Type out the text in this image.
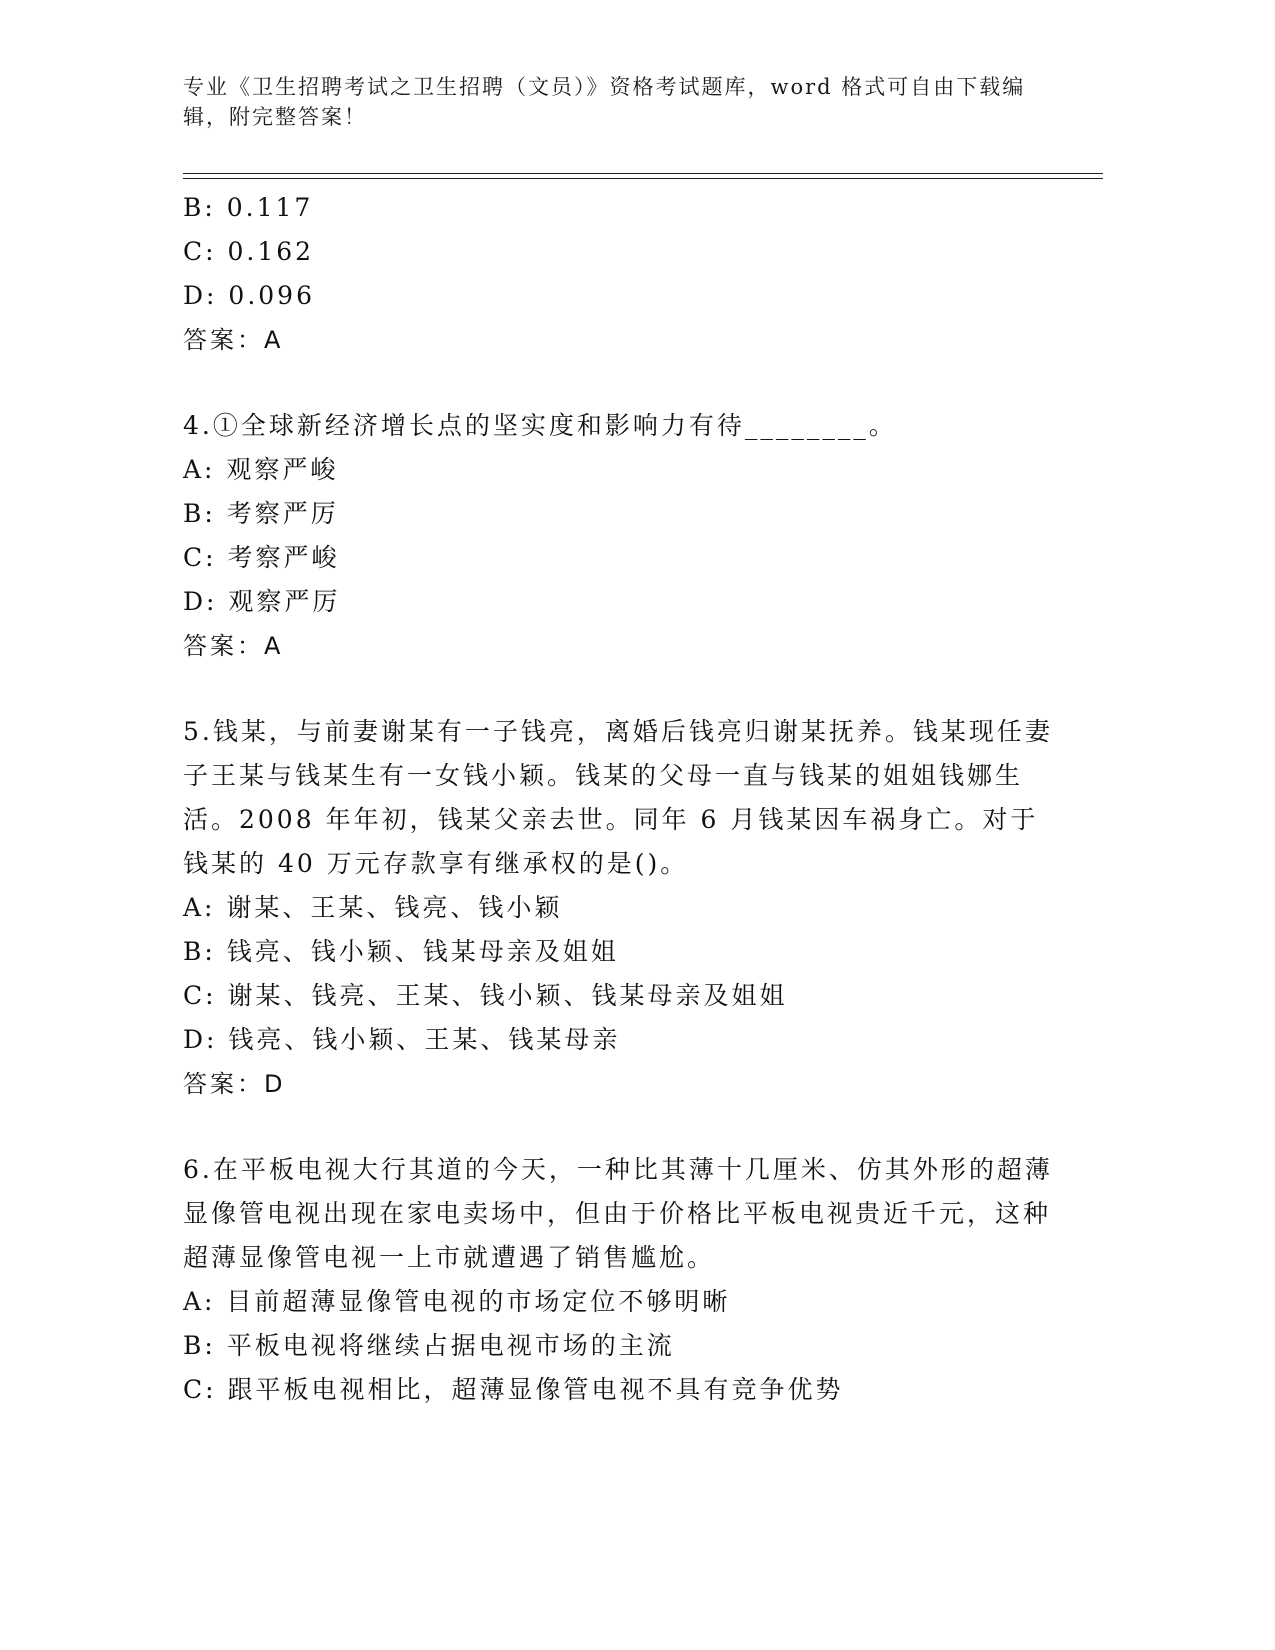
专业《卫生招聘考试之卫生招聘（文员）》资格考试题库，word 格式可自由下载编辑，附完整答案！
B: 0.117
C: 0.162
D: 0.096
答案：A
4.①全球新经济增长点的坚实度和影响力有待________。
A: 观察严峻
B: 考察严厉
C: 考察严峻
D: 观察严厉
答案：A
5.钱某，与前妻谢某有一子钱亮，离婚后钱亮归谢某抚养。钱某现任妻子王某与钱某生有一女钱小颖。钱某的父母一直与钱某的姐姐钱娜生活。2008 年年初，钱某父亲去世。同年 6 月钱某因车祸身亡。对于钱某的 40 万元存款享有继承权的是()。
A: 谢某、王某、钱亮、钱小颖
B: 钱亮、钱小颖、钱某母亲及姐姐
C: 谢某、钱亮、王某、钱小颖、钱某母亲及姐姐
D: 钱亮、钱小颖、王某、钱某母亲
答案：D
6.在平板电视大行其道的今天，一种比其薄十几厘米、仿其外形的超薄显像管电视出现在家电卖场中，但由于价格比平板电视贵近千元，这种超薄显像管电视一上市就遭遇了销售尴尬。
A: 目前超薄显像管电视的市场定位不够明晰
B: 平板电视将继续占据电视市场的主流
C: 跟平板电视相比，超薄显像管电视不具有竞争优势
